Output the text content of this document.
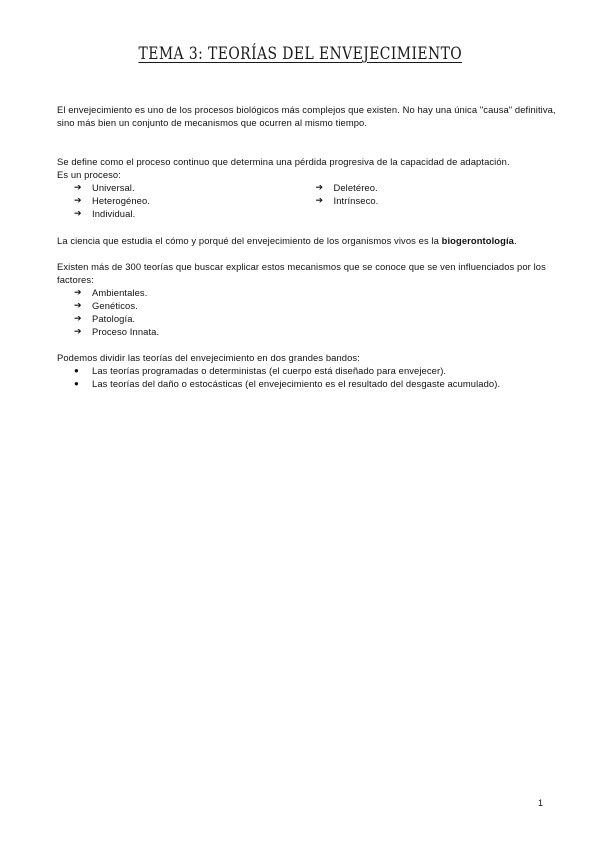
TEMA 3: TEORÍAS DEL ENVEJECIMIENTO

El envejecimiento es uno de los procesos biológicos más complejos que existen. No hay una única "causa" definitiva, sino más bien un conjunto de mecanismos que ocurren al mismo tiempo.

Se define como el proceso continuo que determina una pérdida progresiva de la capacidad de adaptación.

Es un proceso:

➔	Universal.
➔	Heterogéneo.
➔	Individual.
➔	Deletéreo.
➔	Intrínseco.

La ciencia que estudia el cómo y porqué del envejecimiento de los organismos vivos es la biogerontología.

Existen más de 300 teorías que buscar explicar estos mecanismos que se conoce que se ven influenciados por los factores:

➔	Ambientales.
➔	Genéticos.
➔	Patología.
➔	Proceso Innata.

Podemos dividir las teorías del envejecimiento en dos grandes bandos:

●	Las teorías programadas o deterministas (el cuerpo está diseñado para envejecer).
●	Las teorías del daño o estocásticas (el envejecimiento es el resultado del desgaste acumulado).
1
